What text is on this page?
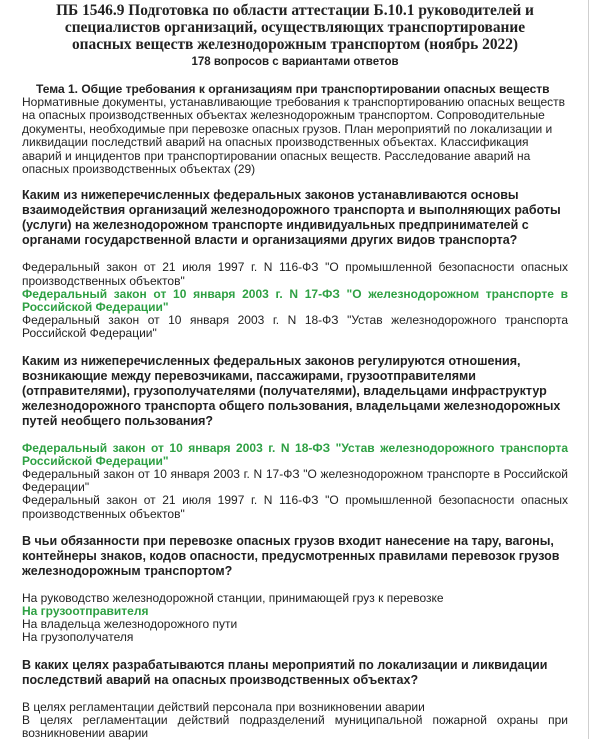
ПБ 1546.9 Подготовка по области аттестации Б.10.1 руководителей и
специалистов организаций, осуществляющих транспортирование
опасных веществ железнодорожным транспортом (ноябрь 2022)
178 вопросов с вариантами ответов
Тема 1. Общие требования к организациям при транспортировании опасных веществ
Нормативные документы, устанавливающие требования к транспортированию опасных веществ на опасных производственных объектах железнодорожным транспортом. Сопроводительные документы, необходимые при перевозке опасных грузов. План мероприятий по локализации и ликвидации последствий аварий на опасных производственных объектах. Классификация аварий и инцидентов при транспортировании опасных веществ. Расследование аварий на опасных производственных объектах (29)
Каким из нижеперечисленных федеральных законов устанавливаются основы взаимодействия организаций железнодорожного транспорта и выполняющих работы (услуги) на железнодорожном транспорте индивидуальных предпринимателей с органами государственной власти и организациями других видов транспорта?
Федеральный закон от 21 июля 1997 г. N 116-ФЗ "О промышленной безопасности опасных производственных объектов"
Федеральный закон от 10 января 2003 г. N 17-ФЗ "О железнодорожном транспорте в Российской Федерации"
Федеральный закон от 10 января 2003 г. N 18-ФЗ "Устав железнодорожного транспорта Российской Федерации"
Каким из нижеперечисленных федеральных законов регулируются отношения, возникающие между перевозчиками, пассажирами, грузоотправителями (отправителями), грузополучателями (получателями), владельцами инфраструктур железнодорожного транспорта общего пользования, владельцами железнодорожных путей необщего пользования?
Федеральный закон от 10 января 2003 г. N 18-ФЗ "Устав железнодорожного транспорта Российской Федерации"
Федеральный закон от 10 января 2003 г. N 17-ФЗ "О железнодорожном транспорте в Российской Федерации"
Федеральный закон от 21 июля 1997 г. N 116-ФЗ "О промышленной безопасности опасных производственных объектов"
В чьи обязанности при перевозке опасных грузов входит нанесение на тару, вагоны, контейнеры знаков, кодов опасности, предусмотренных правилами перевозок грузов железнодорожным транспортом?
На руководство железнодорожной станции, принимающей груз к перевозке
На грузоотправителя
На владельца железнодорожного пути
На грузополучателя
В каких целях разрабатываются планы мероприятий по локализации и ликвидации последствий аварий на опасных производственных объектах?
В целях регламентации действий персонала при возникновении аварии
В целях регламентации действий подразделений муниципальной пожарной охраны при возникновении аварии
